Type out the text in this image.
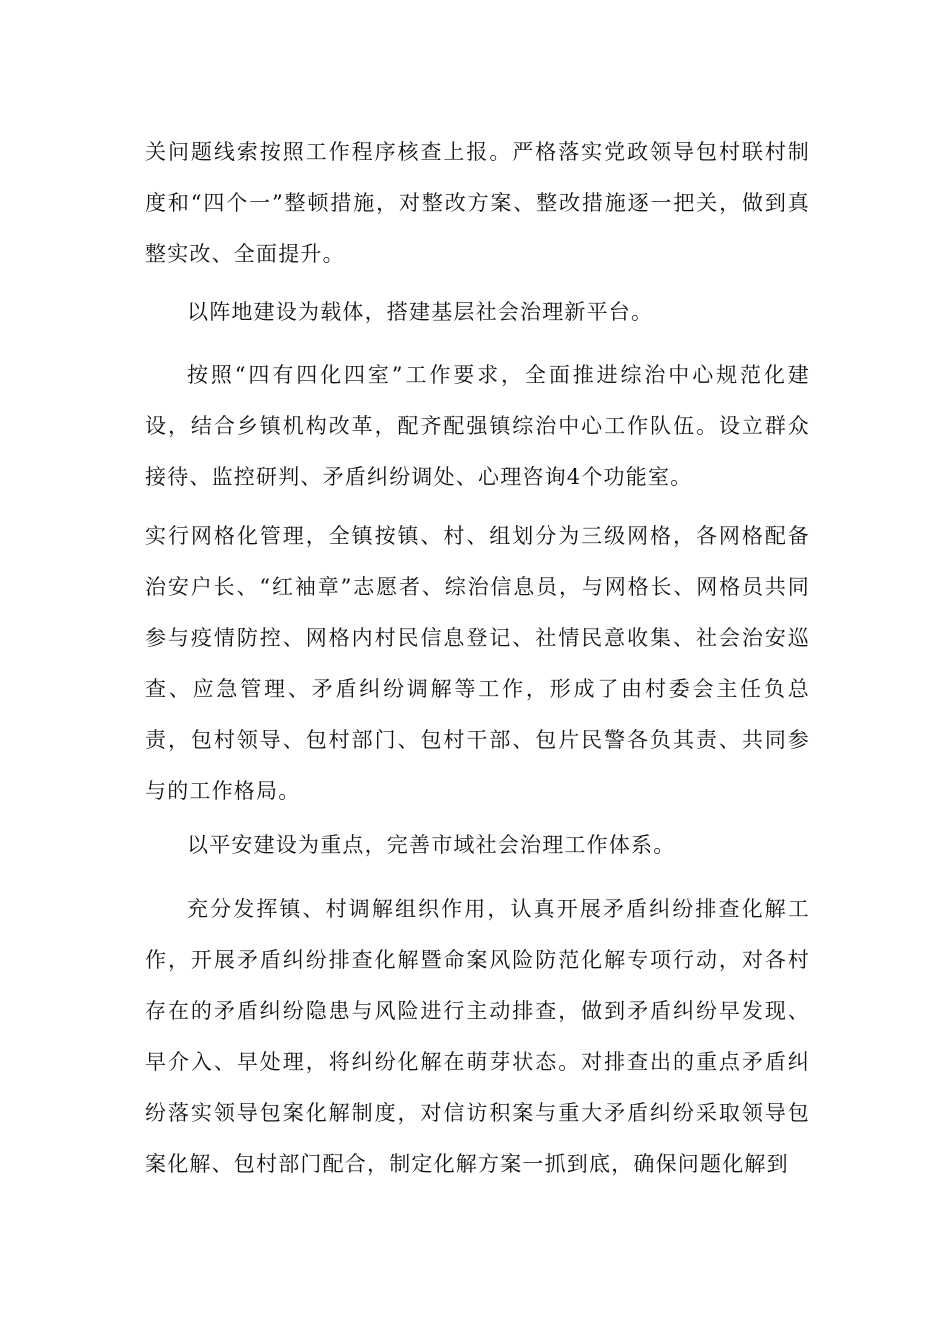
关问题线索按照工作程序核查上报。严格落实党政领导包村联村制度和“四个一”整顿措施，对整改方案、整改措施逐一把关，做到真整实改、全面提升。

以阵地建设为载体，搭建基层社会治理新平台。

按照“四有四化四室”工作要求，全面推进综治中心规范化建设，结合乡镇机构改革，配齐配强镇综治中心工作队伍。设立群众接待、监控研判、矛盾纠纷调处、心理咨询4个功能室。

实行网格化管理，全镇按镇、村、组划分为三级网格，各网格配备治安户长、“红袖章”志愿者、综治信息员，与网格长、网格员共同参与疫情防控、网格内村民信息登记、社情民意收集、社会治安巡查、应急管理、矛盾纠纷调解等工作，形成了由村委会主任负总责，包村领导、包村部门、包村干部、包片民警各负其责、共同参与的工作格局。

以平安建设为重点，完善市域社会治理工作体系。

充分发挥镇、村调解组织作用，认真开展矛盾纠纷排查化解工作，开展矛盾纠纷排查化解暨命案风险防范化解专项行动，对各村存在的矛盾纠纷隐患与风险进行主动排查，做到矛盾纠纷早发现、早介入、早处理，将纠纷化解在萌芽状态。对排查出的重点矛盾纠纷落实领导包案化解制度，对信访积案与重大矛盾纠纷采取领导包案化解、包村部门配合，制定化解方案一抓到底，确保问题化解到
